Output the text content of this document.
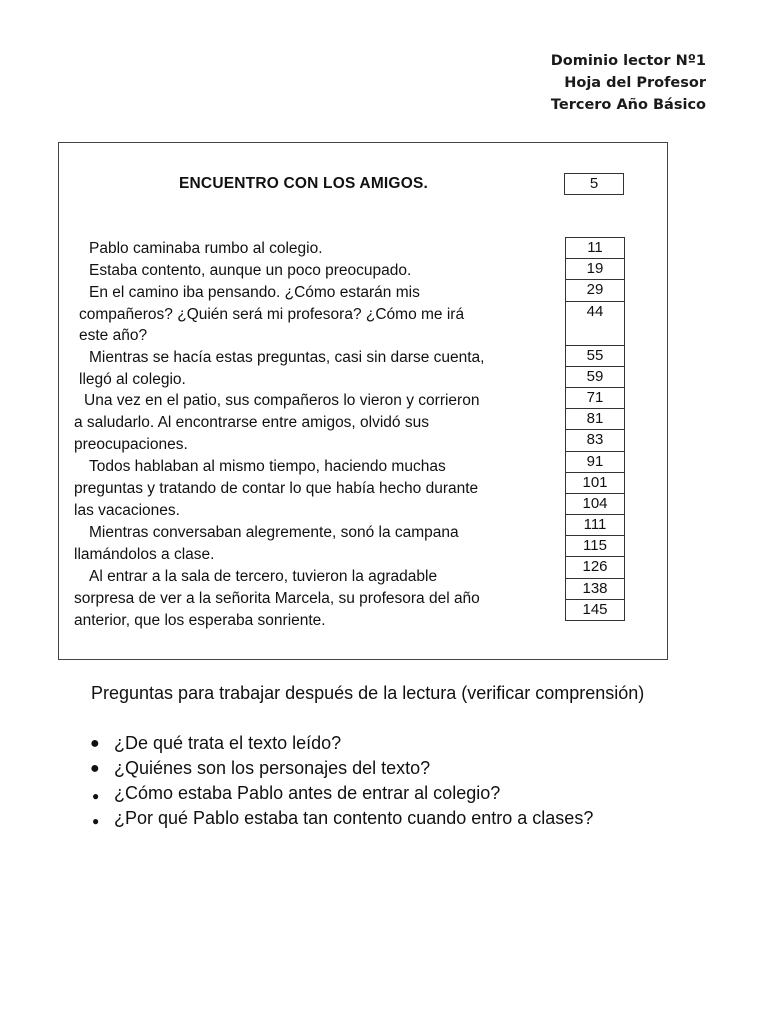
Dominio lector Nº1
Hoja del Profesor
Tercero Año Básico
ENCUENTRO CON LOS AMIGOS.	5
Pablo caminaba rumbo al colegio.
Estaba contento, aunque un poco preocupado.
En el camino iba pensando. ¿Cómo estarán mis
compañeros? ¿Quién será mi profesora? ¿Cómo me irá
este año?
Mientras se hacía estas preguntas, casi sin darse cuenta,
llegó al colegio.
Una vez en el patio, sus compañeros lo vieron y corrieron
a saludarlo. Al encontrarse entre amigos, olvidó sus
preocupaciones.
Todos hablaban al mismo tiempo, haciendo muchas
preguntas y tratando de contar lo que había hecho durante
las vacaciones.
Mientras conversaban alegremente, sonó la campana
llamándolos a clase.
Al entrar a la sala de tercero, tuvieron la agradable
sorpresa de ver a la señorita Marcela, su profesora del año
anterior, que los esperaba sonriente.
11
19
29
44
55
59
71
81
83
91
101
104
111
115
126
138
145
Preguntas para trabajar después de la lectura (verificar comprensión)
● ¿De qué trata el texto leído?
● ¿Quiénes son los personajes del texto?
● ¿Cómo estaba Pablo antes de entrar al colegio?
● ¿Por qué Pablo estaba tan contento cuando entro a clases?
